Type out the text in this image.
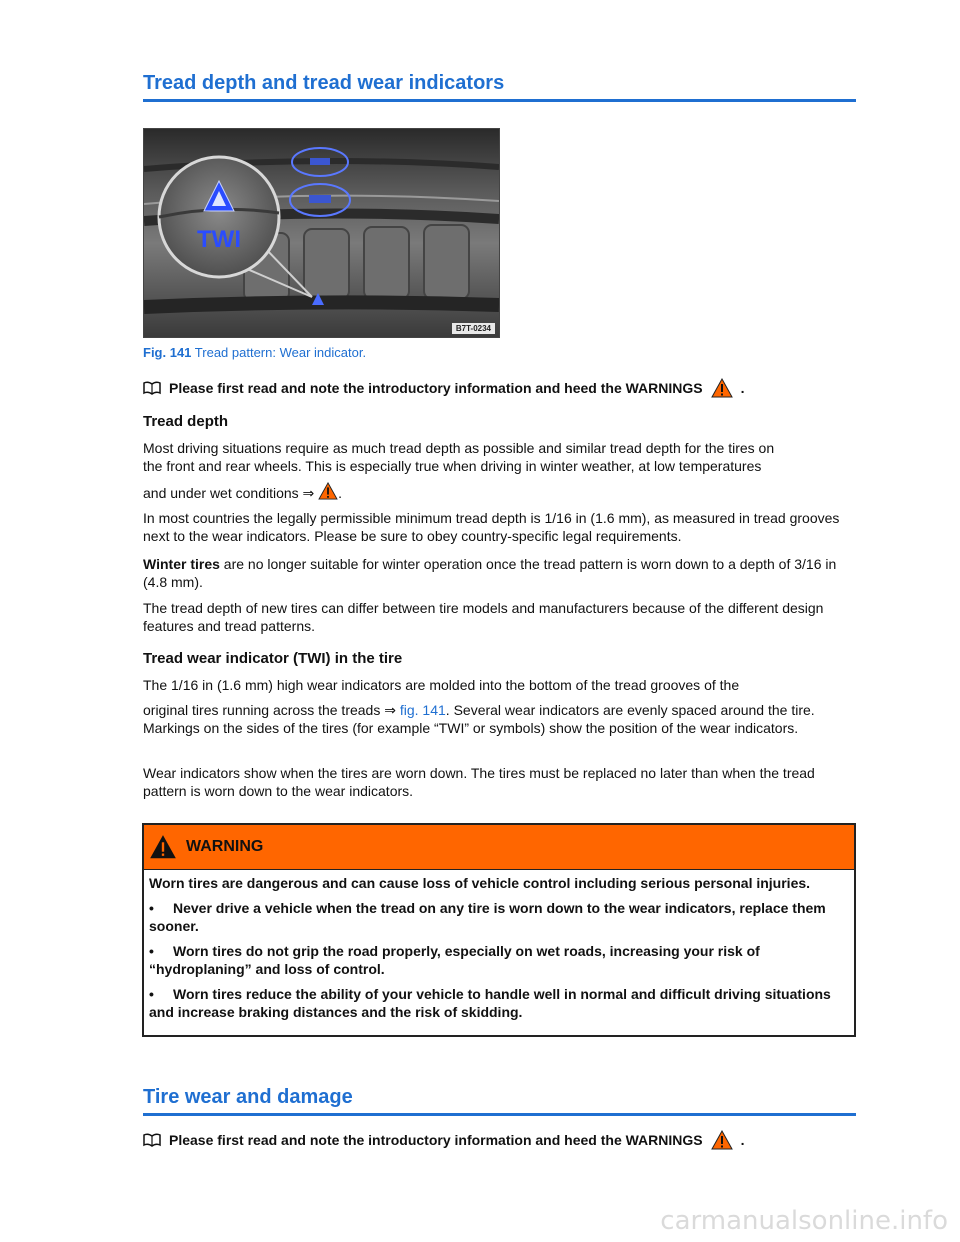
Tread depth and tread wear indicators
TWI
B7T-0234
Fig. 141 Tread pattern: Wear indicator.
Please first read and note the introductory information and heed the WARNINGS	.
Tread depth

Most driving situations require as much tread depth as possible and similar tread depth for the tires on
the front and rear wheels. This is especially true when driving in winter weather, at low temperatures

and under wet conditions ⇒ .

In most countries the legally permissible minimum tread depth is 1/16 in (1.6 mm), as measured in tread grooves next to the wear indicators. Please be sure to obey country-specific legal requirements.

Winter tires are no longer suitable for winter operation once the tread pattern is worn down to a depth of 3/16 in (4.8 mm).

The tread depth of new tires can differ between tire models and manufacturers because of the different design features and tread patterns.

Tread wear indicator (TWI) in the tire

The 1/16 in (1.6 mm) high wear indicators are molded into the bottom of the tread grooves of the

original tires running across the treads ⇒ fig. 141. Several wear indicators are evenly spaced around the tire. Markings on the sides of the tires (for example “TWI” or symbols) show the position of the wear indicators.

Wear indicators show when the tires are worn down. The tires must be replaced no later than when the tread pattern is worn down to the wear indicators.

WARNING

Worn tires are dangerous and can cause loss of vehicle control including serious personal injuries.

• Never drive a vehicle when the tread on any tire is worn down to the wear indicators, replace them sooner.

• Worn tires do not grip the road properly, especially on wet roads, increasing your risk of “hydroplaning” and loss of control.

• Worn tires reduce the ability of your vehicle to handle well in normal and difficult driving situations and increase braking distances and the risk of skidding.

Tire wear and damage
Please first read and note the introductory information and heed the WARNINGS	.
carmanualsonline.info
